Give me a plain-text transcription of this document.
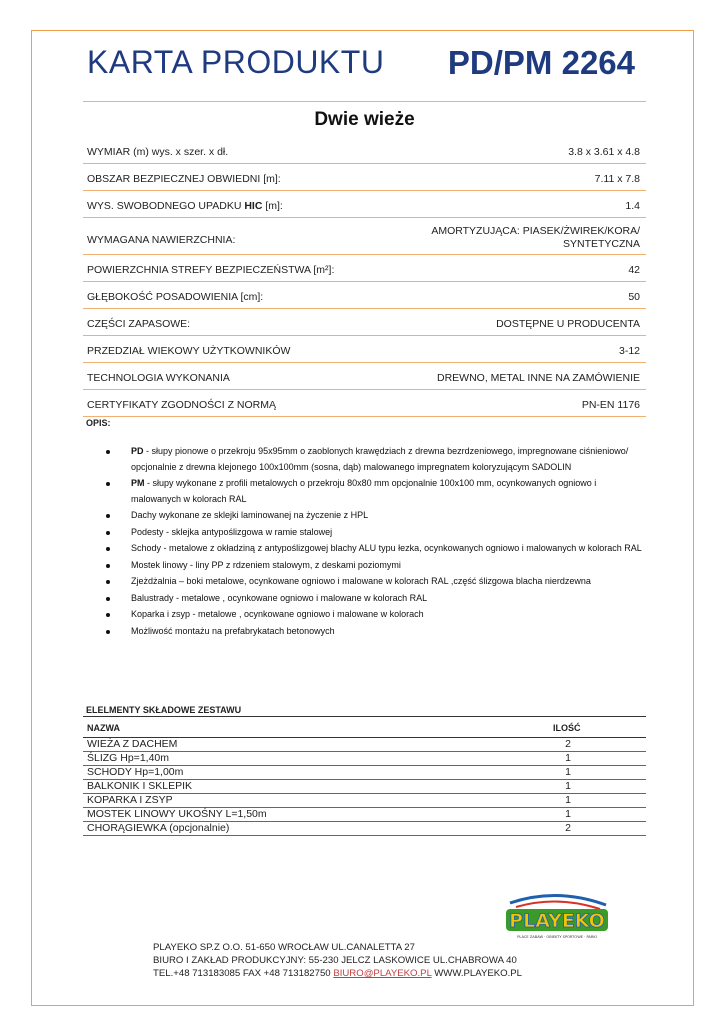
KARTA PRODUKTU PD/PM 2264
Dwie wieże
WYMIAR (m) wys. x szer. x dł.	3.8 x 3.61 x 4.8
OBSZAR BEZPIECZNEJ OBWIEDNI [m]:	7.11 x 7.8
WYS. SWOBODNEGO UPADKU HIC [m]:	1.4
WYMAGANA NAWIERZCHNIA:
AMORTYZUJĄCA: PIASEK/ŻWIREK/KORA/
SYNTETYCZNA
POWIERZCHNIA STREFY BEZPIECZEŃSTWA [m²]:	42
GŁĘBOKOŚĆ POSADOWIENIA [cm]:	50
CZĘŚCI ZAPASOWE:	DOSTĘPNE U PRODUCENTA
PRZEDZIAŁ WIEKOWY UŻYTKOWNIKÓW	3-12
TECHNOLOGIA WYKONANIA	DREWNO, METAL INNE NA ZAMÓWIENIE
CERTYFIKATY ZGODNOŚCI Z NORMĄ	PN-EN 1176
OPIS:
PD - słupy pionowe o przekroju 95x95mm o zaoblonych krawędziach z drewna bezrdzeniowego, impregnowane ciśnieniowo/ opcjonalnie z drewna klejonego 100x100mm (sosna, dąb) malowanego impregnatem koloryzującym SADOLIN
PM - słupy wykonane z profili metalowych o przekroju 80x80 mm opcjonalnie 100x100 mm, ocynkowanych ogniowo i malowanych w kolorach RAL
Dachy wykonane ze sklejki laminowanej na życzenie z HPL
Podesty - sklejka antypoślizgowa w ramie stalowej
Schody - metalowe z okładziną z antypoślizgowej blachy ALU typu łezka, ocynkowanych ogniowo i malowanych w kolorach RAL
Mostek linowy - liny PP z rdzeniem stalowym, z deskami poziomymi
Zjeżdżalnia – boki metalowe, ocynkowane ogniowo i malowane w kolorach RAL ,część ślizgowa blacha nierdzewna
Balustrady - metalowe , ocynkowane ogniowo i malowane w kolorach RAL
Koparka i zsyp - metalowe , ocynkowane ogniowo i malowane w kolorach
Możliwość montażu na prefabrykatach betonowych
ELELMENTY SKŁADOWE ZESTAWU
NAZWA	ILOŚĆ
WIEŻA Z DACHEM	2
ŚLIZG Hp=1,40m	1
SCHODY Hp=1,00m	1
BALKONIK I SKLEPIK	1
KOPARKA I ZSYP	1
MOSTEK LINOWY UKOŚNY L=1,50m	1
CHORĄGIEWKA (opcjonalnie)	2
PLAYEKO
PLACE ZABAW · OBIEKTY SPORTOWE · PARKI
PLAYEKO SP.Z O.O. 51-650 WROCŁAW UL.CANALETTA 27
BIURO I ZAKŁAD PRODUKCYJNY: 55-230 JELCZ LASKOWICE UL.CHABROWA 40
TEL.+48 713183085 FAX +48 713182750 BIURO@PLAYEKO.PL WWW.PLAYEKO.PL
